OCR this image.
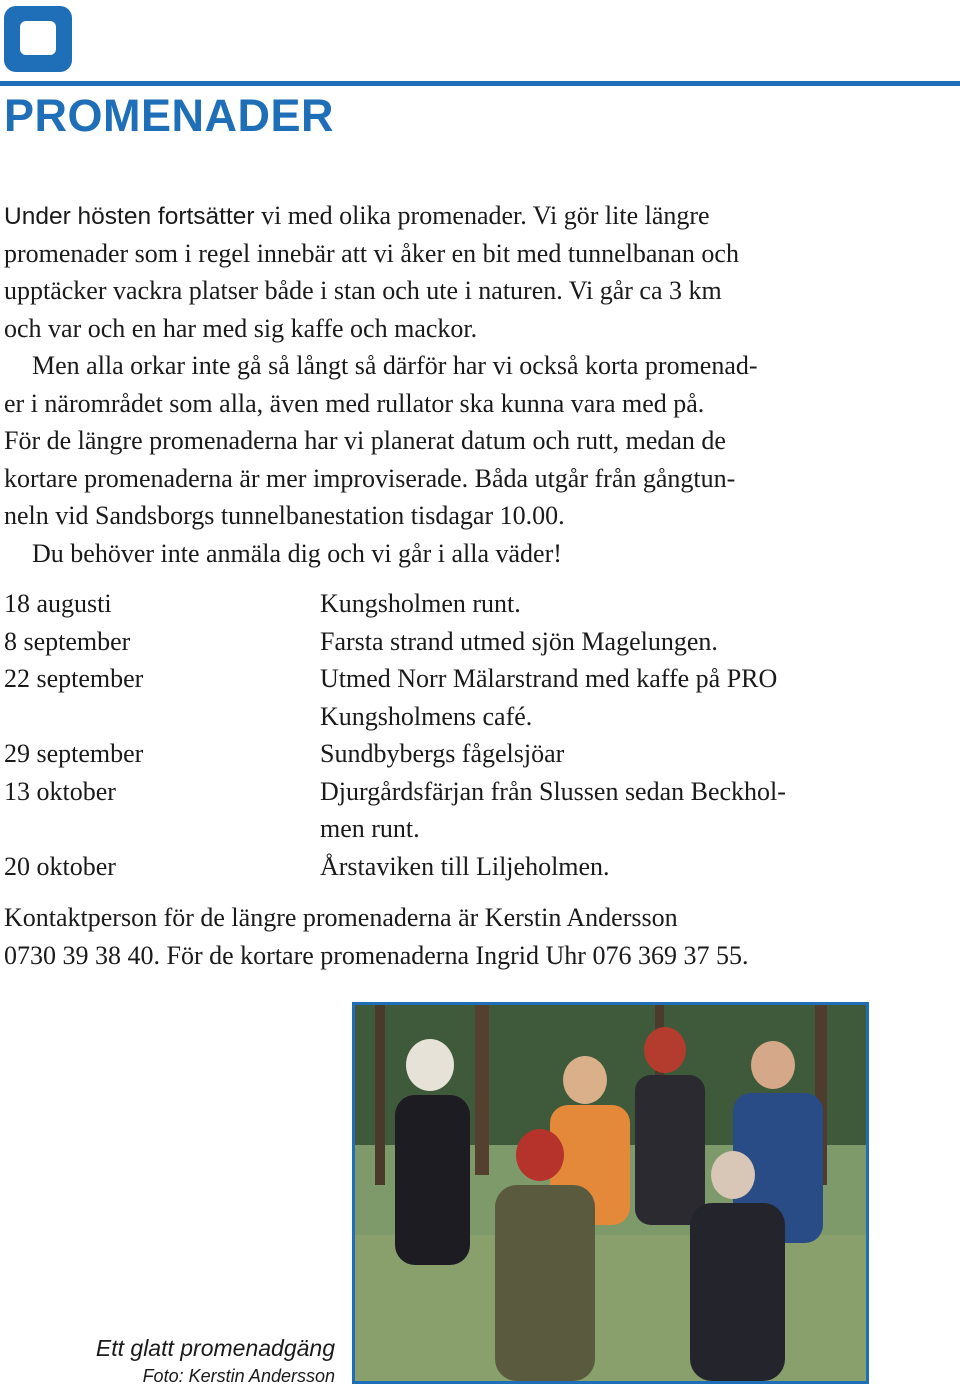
PROMENADER

Under hösten fortsätter vi med olika promenader. Vi gör lite längre

promenader som i regel innebär att vi åker en bit med tunnelbanan och

upptäcker vackra platser både i stan och ute i naturen. Vi går ca 3 km

och var och en har med sig kaffe och mackor.

Men alla orkar inte gå så långt så därför har vi också korta promenad-

er i närområdet som alla, även med rullator ska kunna vara med på.

För de längre promenaderna har vi planerat datum och rutt, medan de

kortare promenaderna är mer improviserade. Båda utgår från gångtun-

neln vid Sandsborgs tunnelbanestation tisdagar 10.00.

Du behöver inte anmäla dig och vi går i alla väder!

18 augusti	Kungsholmen runt.
8 september	Farsta strand utmed sjön Magelungen.
22 september	Utmed Norr Mälarstrand med kaffe på PRO
Kungsholmens café.
29 september	Sundbybergs fågelsjöar
13 oktober	Djurgårdsfärjan från Slussen sedan Beckhol-
men runt.
20 oktober	Årstaviken till Liljeholmen.

Kontaktperson för de längre promenaderna är Kerstin Andersson

0730 39 38 40. För de kortare promenaderna Ingrid Uhr 076 369 37 55.

Ett glatt promenadgäng
Foto: Kerstin Andersson
